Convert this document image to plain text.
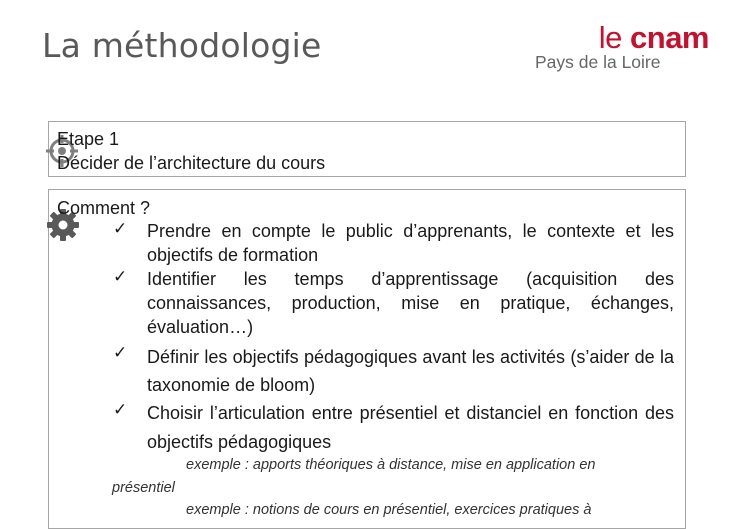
La méthodologie	le cnam
Pays de la Loire
Etape 1
Décider de l’architecture du cours
Comment ?
✓ Prendre en compte le public d’apprenants, le contexte et les objectifs de formation
✓ Identifier les temps d’apprentissage (acquisition des connaissances, production, mise en pratique, échanges, évaluation…)
✓ Définir les objectifs pédagogiques avant les activités (s’aider de la taxonomie de bloom)
✓ Choisir l’articulation entre présentiel et distanciel en fonction des objectifs pédagogiques
exemple : apports théoriques à distance, mise en application en
présentiel
exemple : notions de cours en présentiel, exercices pratiques à
